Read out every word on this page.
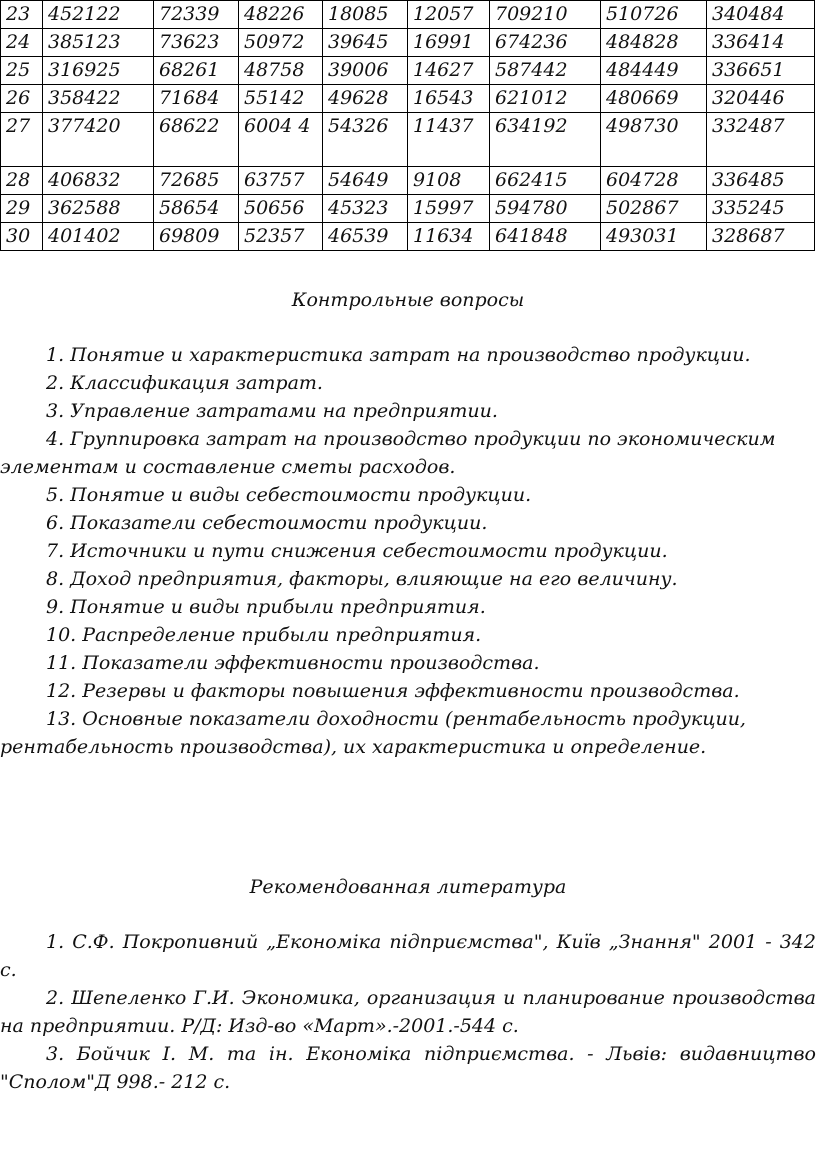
23	452122	72339	48226	18085	12057	709210	510726	340484
24	385123	73623	50972	39645	16991	674236	484828	336414
25	316925	68261	48758	39006	14627	587442	484449	336651
26	358422	71684	55142	49628	16543	621012	480669	320446
27	377420	68622	6004 4	54326	11437	634192	498730	332487
28	406832	72685	63757	54649	9108	662415	604728	336485
29	362588	58654	50656	45323	15997	594780	502867	335245
30	401402	69809	52357	46539	11634	641848	493031	328687
Контрольные вопросы

1. Понятие и характеристика затрат на производство продукции.

2. Классификация затрат.

3. Управление затратами на предприятии.

4. Группировка затрат на производство продукции по экономическим элементам и составление сметы расходов.

5. Понятие и виды себестоимости продукции.

6. Показатели себестоимости продукции.

7. Источники и пути снижения себестоимости продукции.

8. Доход предприятия, факторы, влияющие на его величину.

9. Понятие и виды прибыли предприятия.

10. Распределение прибыли предприятия.

11. Показатели эффективности производства.

12. Резервы и факторы повышения эффективности производства.

13. Основные показатели доходности (рентабельность продукции, рентабельность производства), их характеристика и определение.

Рекомендованная литература

1. С.Ф. Покропивний „Економіка підприємства", Київ „Знання" 2001 - 342 с.

2. Шепеленко Г.И. Экономика, организация и планирование производства на предприятии. Р/Д: Изд-во «Март».-2001.-544 с.

3. Бойчик І. М. та ін. Економіка підприємства. - Львів: видавництво "Сполом"Д 998.- 212 с.
